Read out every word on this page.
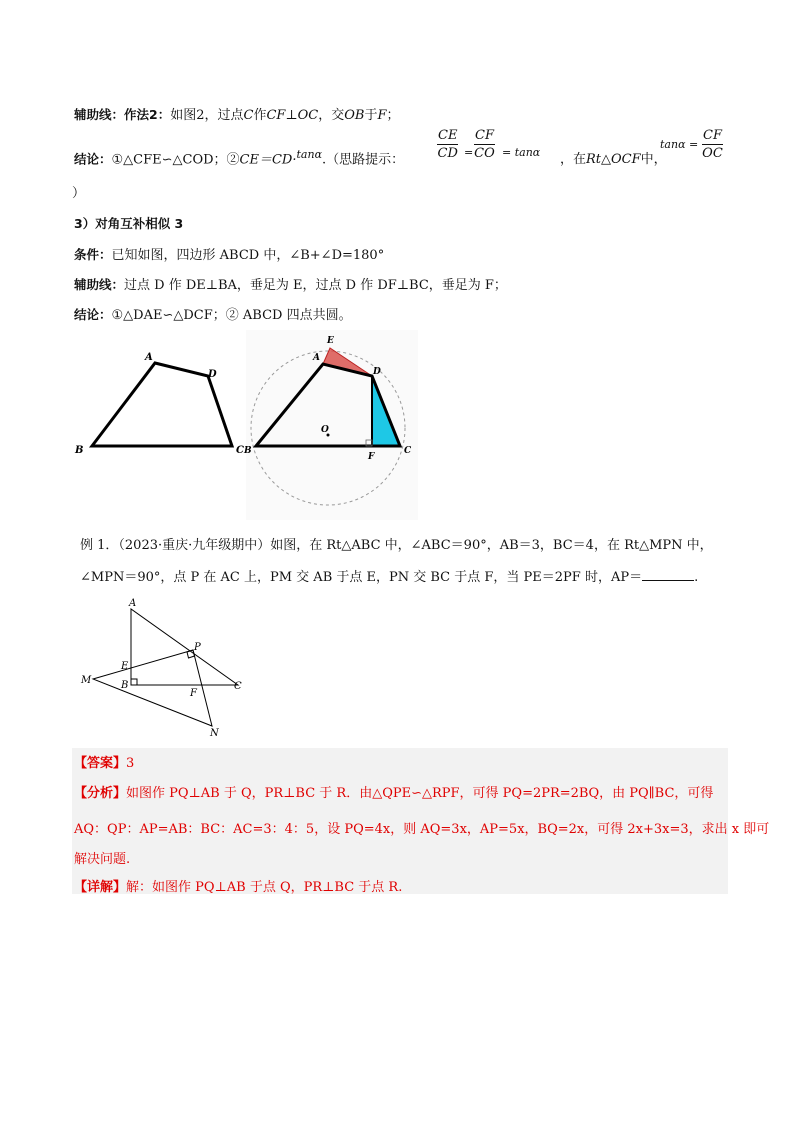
辅助线：作法2：如图2，过点C作CF⊥OC，交OB于F；
结论：①△CFE∽△COD；②CE＝CD·$^{tan\alpha}$.（思路提示：	$\frac{CE}{CD} = \frac{CF}{CO} = \tan\alpha$ ，在Rt△OCF中，
$\tan\alpha = \frac{CF}{OC}$
）
3）对角互补相似 3
条件：已知如图，四边形 ABCD 中，∠B+∠D=180°
辅助线：过点 D 作 DE⊥BA，垂足为 E，过点 D 作 DF⊥BC，垂足为 F；
结论：①△DAE∽△DCF；② ABCD 四点共圆。
A
D
B	C
E
A
D
O
B
F
C
例 1．（2023·重庆·九年级期中）如图，在 Rt△ABC 中，∠ABC＝90°，AB＝3，BC＝4，在 Rt△MPN 中，
∠MPN＝90°，点 P 在 AC 上，PM 交 AB 于点 E，PN 交 BC 于点 F，当 PE＝2PF 时，AP＝	.
A
E
M	B
P
F
C
N
【答案】3
【分析】如图作 PQ⊥AB 于 Q，PR⊥BC 于 R．由△QPE∽△RPF，可得 PQ=2PR=2BQ，由 PQ∥BC，可得
AQ：QP：AP=AB：BC：AC=3：4：5，设 PQ=4x，则 AQ=3x，AP=5x，BQ=2x，可得 2x+3x=3，求出 x 即可
解决问题.
【详解】解：如图作 PQ⊥AB 于点 Q，PR⊥BC 于点 R.
